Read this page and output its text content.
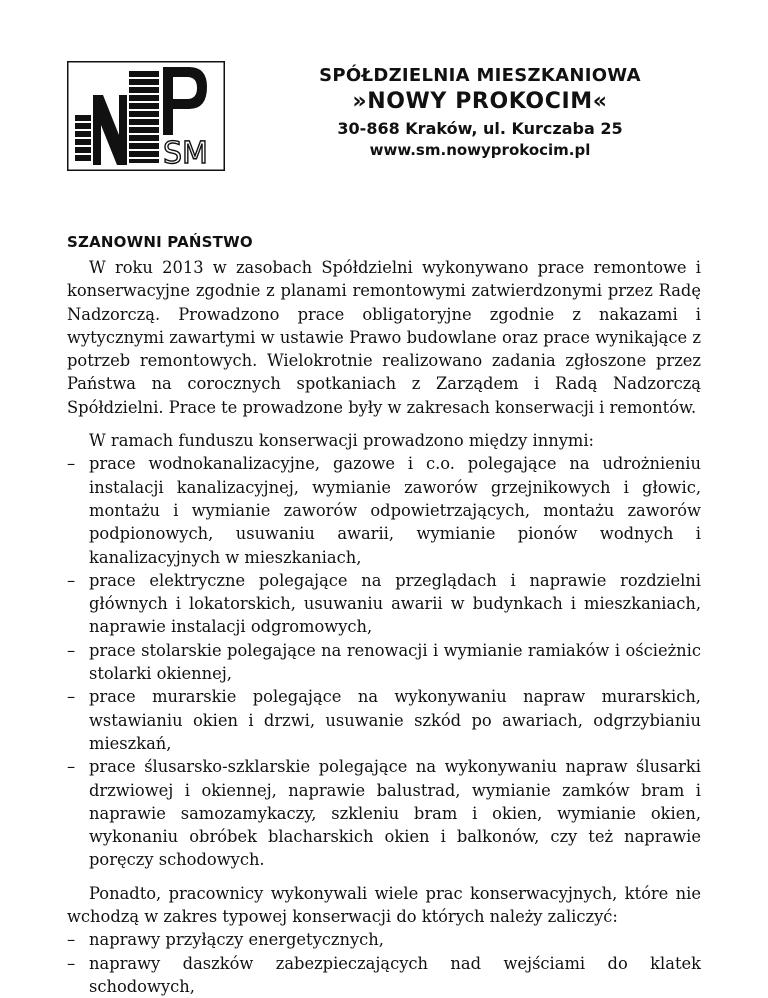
SM
SPÓŁDZIELNIA MIESZKANIOWA
»NOWY PROKOCIM«
30-868 Kraków, ul. Kurczaba 25
www.sm.nowyprokocim.pl
SZANOWNI PAŃSTWO

W roku 2013 w zasobach Spółdzielni wykonywano prace remontowe i konserwacyjne zgodnie z planami remontowymi zatwierdzonymi przez Radę Nadzorczą. Prowadzono prace obligatoryjne zgodnie z nakazami i wytycznymi zawartymi w ustawie Prawo budowlane oraz prace wynikające z potrzeb remontowych. Wielokrotnie realizowano zadania zgłoszone przez Państwa na corocznych spotkaniach z Zarządem i Radą Nadzorczą Spółdzielni. Prace te prowadzone były w zakresach konserwacji i remontów.

W ramach funduszu konserwacji prowadzono między innymi:

– prace wodnokanalizacyjne, gazowe i c.o. polegające na udrożnieniu instalacji kanalizacyjnej, wymianie zaworów grzejnikowych i głowic, montażu i wymianie zaworów odpowietrzających, montażu zaworów podpionowych, usuwaniu awarii, wymianie pionów wodnych i kanalizacyjnych w mieszkaniach,
– prace elektryczne polegające na przeglądach i naprawie rozdzielni głównych i lokatorskich, usuwaniu awarii w budynkach i mieszkaniach, naprawie instalacji odgromowych,
– prace stolarskie polegające na renowacji i wymianie ramiaków i ościeżnic stolarki okiennej,
– prace murarskie polegające na wykonywaniu napraw murarskich, wstawianiu okien i drzwi, usuwanie szkód po awariach, odgrzybianiu mieszkań,
– prace ślusarsko-szklarskie polegające na wykonywaniu napraw ślusarki drzwiowej i okiennej, naprawie balustrad, wymianie zamków bram i naprawie samozamykaczy, szkleniu bram i okien, wymianie okien, wykonaniu obróbek blacharskich okien i balkonów, czy też naprawie poręczy schodowych.

Ponadto, pracownicy wykonywali wiele prac konserwacyjnych, które nie wchodzą w zakres typowej konserwacji do których należy zaliczyć:

– naprawy przyłączy energetycznych,
– naprawy daszków zabezpieczających nad wejściami do klatek schodowych,
